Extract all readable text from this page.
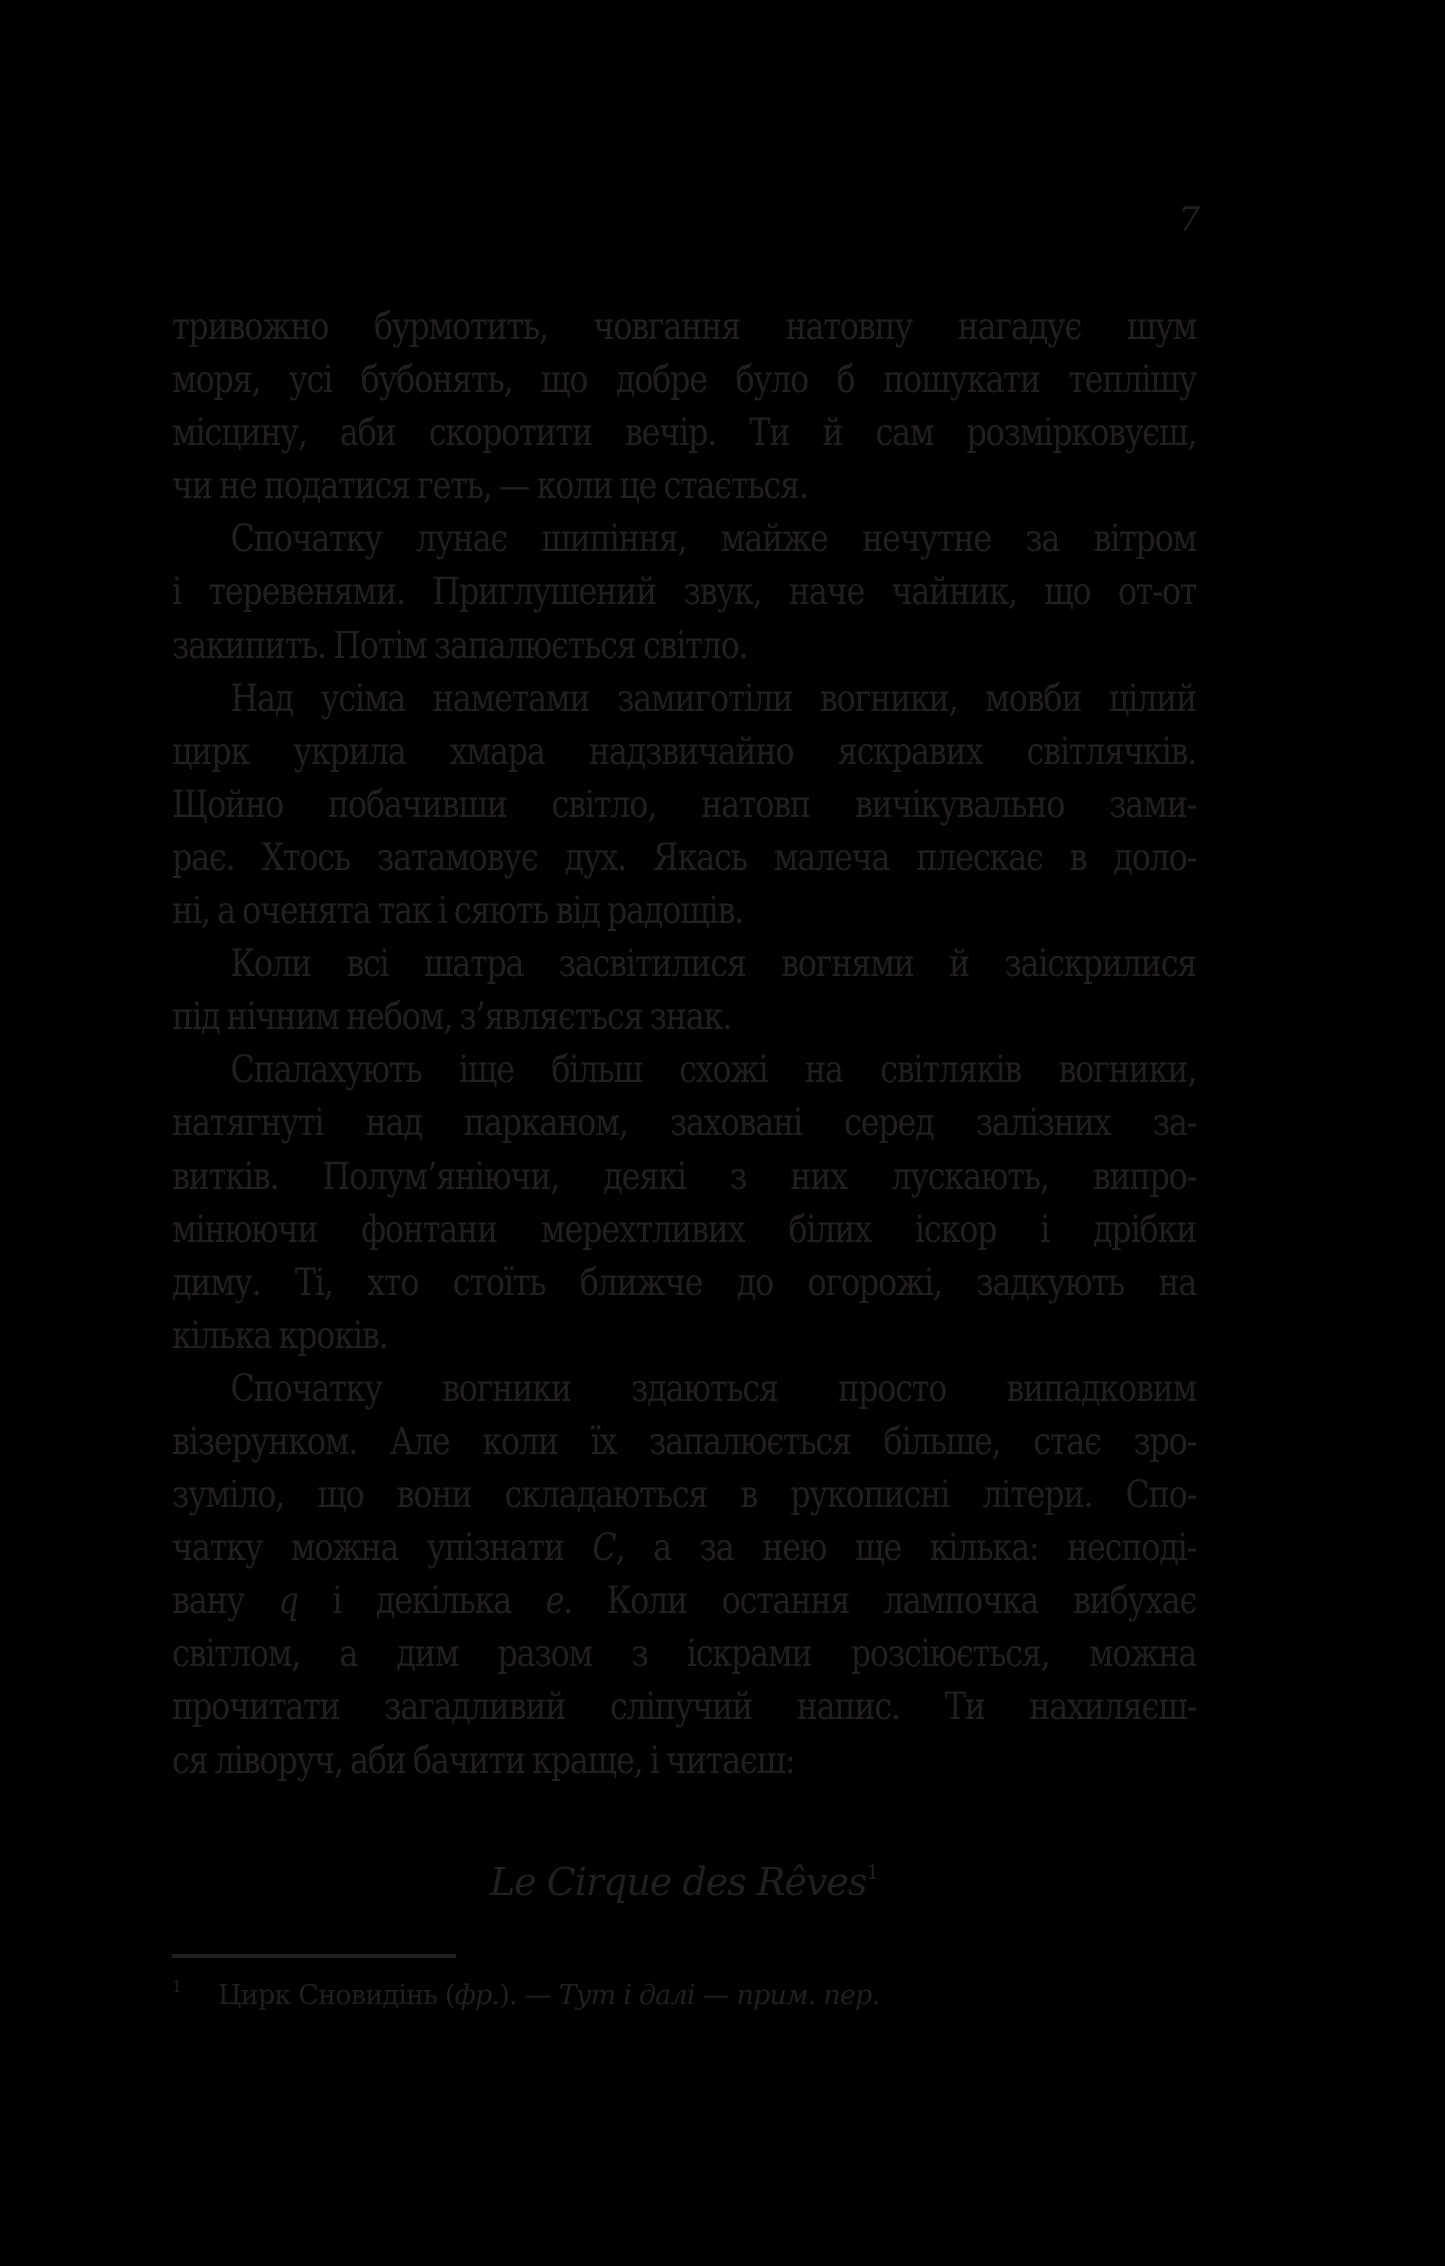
7
тривожно бурмотить, човгання натовпу нагадує шум
моря, усі бубонять, що добре було б пошукати теплішу
місцину, аби скоротити вечір. Ти й сам розмірковуєш,
чи не податися геть, — коли це стається.
Спочатку лунає шипіння, майже нечутне за вітром
і теревенями. Приглушений звук, наче чайник, що от-от
закипить. Потім запалюється світло.
Над усіма наметами замиготіли вогники, мовби цілий
цирк укрила хмара надзвичайно яскравих світлячків.
Щойно побачивши світло, натовп вичікувально зами-
рає. Хтось затамовує дух. Якась малеча плескає в доло-
ні, а оченята так і сяють від радощів.
Коли всі шатра засвітилися вогнями й заіскрилися
під нічним небом, з’являється знак.
Спалахують іще більш схожі на світляків вогники,
натягнуті над парканом, заховані серед залізних за-
витків. Полум’яніючи, деякі з них лускають, випро-
мінюючи фонтани мерехтливих білих іскор і дрібки
диму. Ті, хто стоїть ближче до огорожі, задкують на
кілька кроків.
Спочатку вогники здаються просто випадковим
візерунком. Але коли їх запалюється більше, стає зро-
зуміло, що вони складаються в рукописні літери. Спо-
чатку можна упізнати C, а за нею ще кілька: несподі-
вану q і декілька e. Коли остання лампочка вибухає
світлом, а дим разом з іскрами розсіюється, можна
прочитати загадливий сліпучий напис. Ти нахиляєш-
ся ліворуч, аби бачити краще, і читаєш:
Le Cirque des Rêves$^1$
1 Цирк Сновидінь (фр.). — Тут і далі — прим. пер.
